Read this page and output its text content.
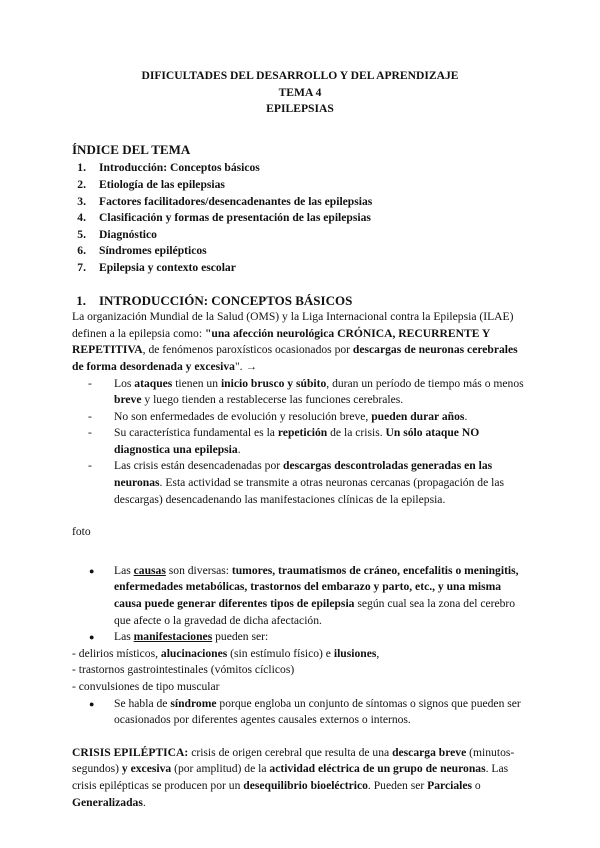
DIFICULTADES DEL DESARROLLO Y DEL APRENDIZAJE
TEMA 4
EPILEPSIAS
ÍNDICE DEL TEMA
1. Introducción: Conceptos básicos
2. Etiología de las epilepsias
3. Factores facilitadores/desencadenantes de las epilepsias
4. Clasificación y formas de presentación de las epilepsias
5. Diagnóstico
6. Síndromes epilépticos
7. Epilepsia y contexto escolar
1. INTRODUCCIÓN: CONCEPTOS BÁSICOS

La organización Mundial de la Salud (OMS) y la Liga Internacional contra la Epilepsia (ILAE) definen a la epilepsia como: "una afección neurológica CRÓNICA, RECURRENTE Y REPETITIVA, de fenómenos paroxísticos ocasionados por descargas de neuronas cerebrales de forma desordenada y excesiva". →

- Los ataques tienen un inicio brusco y súbito, duran un período de tiempo más o menos breve y luego tienden a restablecerse las funciones cerebrales.
- No son enfermedades de evolución y resolución breve, pueden durar años.
- Su característica fundamental es la repetición de la crisis. Un sólo ataque NO diagnostica una epilepsia.
- Las crisis están desencadenadas por descargas descontroladas generadas en las neuronas. Esta actividad se transmite a otras neuronas cercanas (propagación de las descargas) desencadenando las manifestaciones clínicas de la epilepsia.

foto

● Las causas son diversas: tumores, traumatismos de cráneo, encefalitis o meningitis, enfermedades metabólicas, trastornos del embarazo y parto, etc., y una misma causa puede generar diferentes tipos de epilepsia según cual sea la zona del cerebro que afecte o la gravedad de dicha afectación.
● Las manifestaciones pueden ser:
- delirios místicos, alucinaciones (sin estímulo físico) e ilusiones,
- trastornos gastrointestinales (vómitos cíclicos)
- convulsiones de tipo muscular
● Se habla de síndrome porque engloba un conjunto de síntomas o signos que pueden ser ocasionados por diferentes agentes causales externos o internos.

CRISIS EPILÉPTICA: crisis de origen cerebral que resulta de una descarga breve (minutos-segundos) y excesiva (por amplitud) de la actividad eléctrica de un grupo de neuronas. Las crisis epilépticas se producen por un desequilibrio bioeléctrico. Pueden ser Parciales o Generalizadas.
